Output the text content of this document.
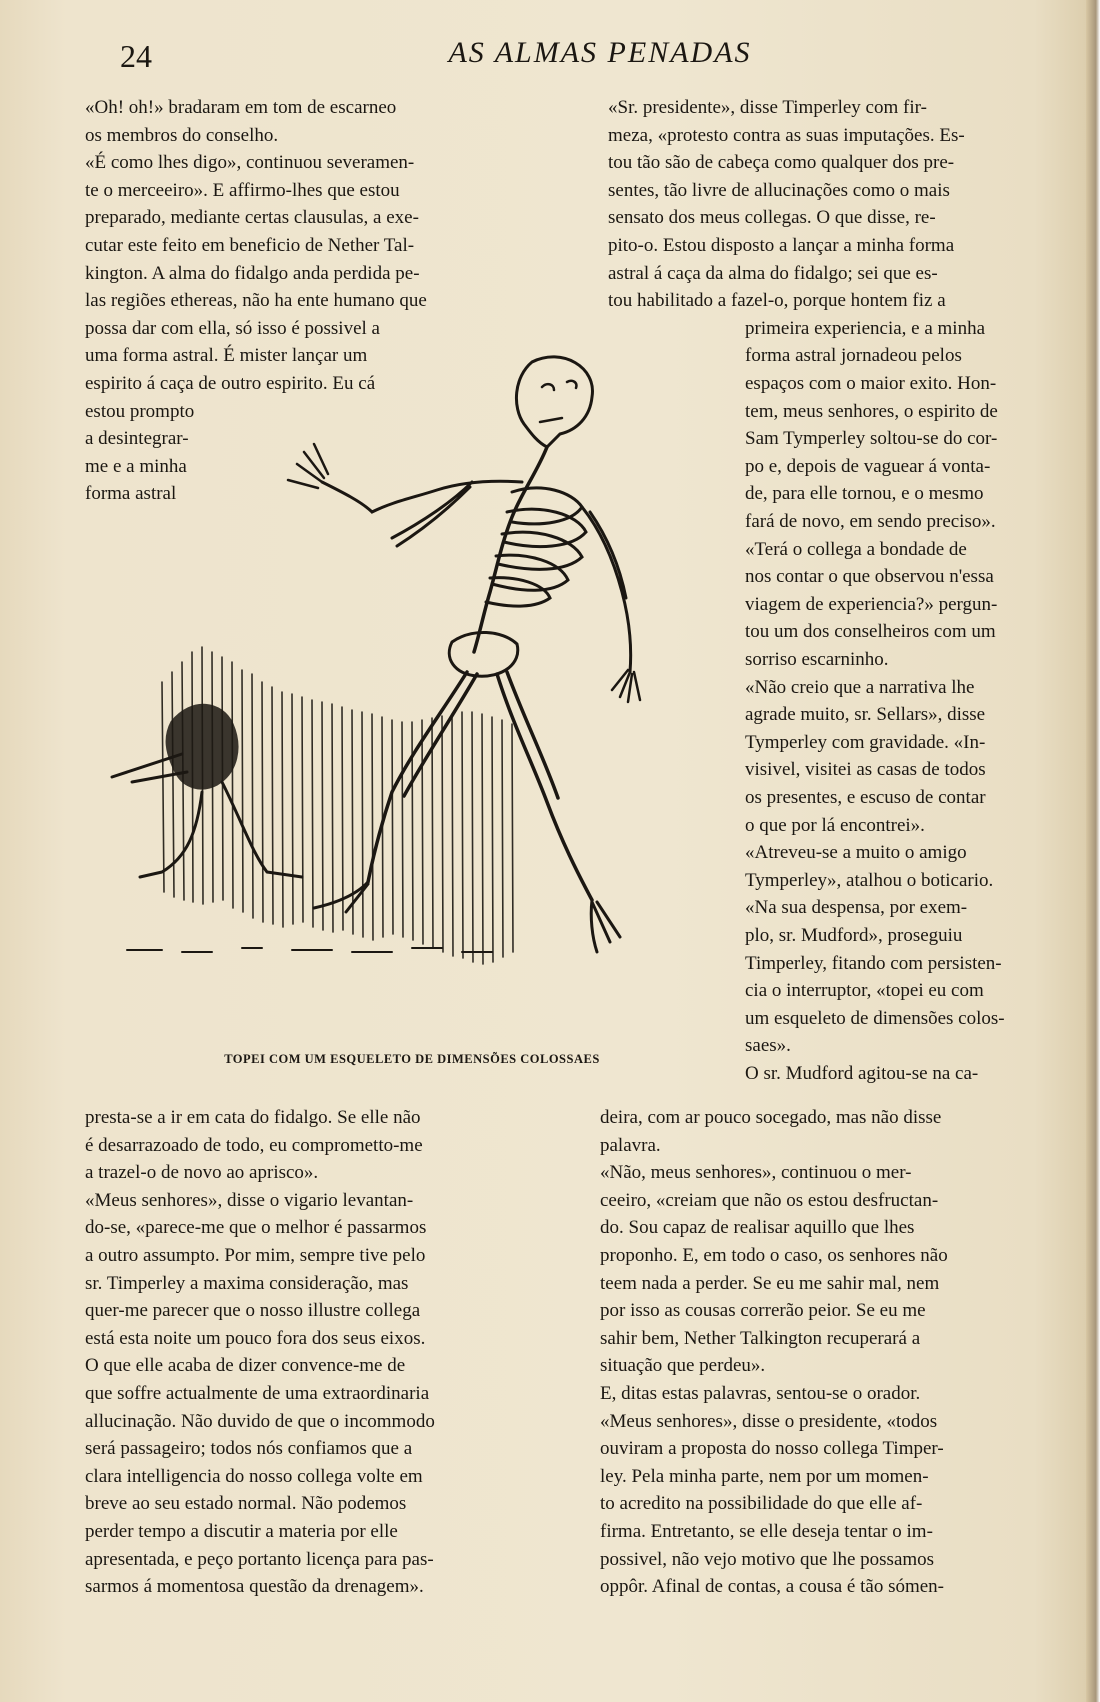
24	AS ALMAS PENADAS
«Oh! oh!» bradaram em tom de escarneo
os membros do conselho.
«É como lhes digo», continuou severamen-
te o merceeiro». E affirmo-lhes que estou
preparado, mediante certas clausulas, a exe-
cutar este feito em beneficio de Nether Tal-
kington. A alma do fidalgo anda perdida pe-
las regiões ethereas, não ha ente humano que
possa dar com ella, só isso é possivel a
uma forma astral. É mister lançar um
espirito á caça de outro espirito. Eu cá
estou prompto
a desintegrar-
me e a minha
forma astral
presta-se a ir em cata do fidalgo. Se elle não
é desarrazoado de todo, eu comprometto-me
a trazel-o de novo ao aprisco».
«Meus senhores», disse o vigario levantan-
do-se, «parece-me que o melhor é passarmos
a outro assumpto. Por mim, sempre tive pelo
sr. Timperley a maxima consideração, mas
quer-me parecer que o nosso illustre collega
está esta noite um pouco fora dos seus eixos.
O que elle acaba de dizer convence-me de
que soffre actualmente de uma extraordinaria
allucinação. Não duvido de que o incommodo
será passageiro; todos nós confiamos que a
clara intelligencia do nosso collega volte em
breve ao seu estado normal. Não podemos
perder tempo a discutir a materia por elle
apresentada, e peço portanto licença para pas-
sarmos á momentosa questão da drenagem».
«Sr. presidente», disse Timperley com fir-
meza, «protesto contra as suas imputações. Es-
tou tão são de cabeça como qualquer dos pre-
sentes, tão livre de allucinações como o mais
sensato dos meus collegas. O que disse, re-
pito-o. Estou disposto a lançar a minha forma
astral á caça da alma do fidalgo; sei que es-
tou habilitado a fazel-o, porque hontem fiz a
primeira experiencia, e a minha
forma astral jornadeou pelos
espaços com o maior exito. Hon-
tem, meus senhores, o espirito de
Sam Tymperley soltou-se do cor-
po e, depois de vaguear á vonta-
de, para elle tornou, e o mesmo
fará de novo, em sendo preciso».
«Terá o collega a bondade de
nos contar o que observou n'essa
viagem de experiencia?» pergun-
tou um dos conselheiros com um
sorriso escarninho.
«Não creio que a narrativa lhe
agrade muito, sr. Sellars», disse
Tymperley com gravidade. «In-
visivel, visitei as casas de todos
os presentes, e escuso de contar
o que por lá encontrei».
«Atreveu-se a muito o amigo
Tymperley», atalhou o boticario.
«Na sua despensa, por exem-
plo, sr. Mudford», proseguiu
Timperley, fitando com persisten-
cia o interruptor, «topei eu com
um esqueleto de dimensões colos-
saes».
O sr. Mudford agitou-se na ca-
deira, com ar pouco socegado, mas não disse
palavra.
«Não, meus senhores», continuou o mer-
ceeiro, «creiam que não os estou desfructan-
do. Sou capaz de realisar aquillo que lhes
proponho. E, em todo o caso, os senhores não
teem nada a perder. Se eu me sahir mal, nem
por isso as cousas correrão peior. Se eu me
sahir bem, Nether Talkington recuperará a
situação que perdeu».
E, ditas estas palavras, sentou-se o orador.
«Meus senhores», disse o presidente, «todos
ouviram a proposta do nosso collega Timper-
ley. Pela minha parte, nem por um momen-
to acredito na possibilidade do que elle af-
firma. Entretanto, se elle deseja tentar o im-
possivel, não vejo motivo que lhe possamos
oppôr. Afinal de contas, a cousa é tão sómen-
TOPEI COM UM ESQUELETO DE DIMENSÕES COLOSSAES
